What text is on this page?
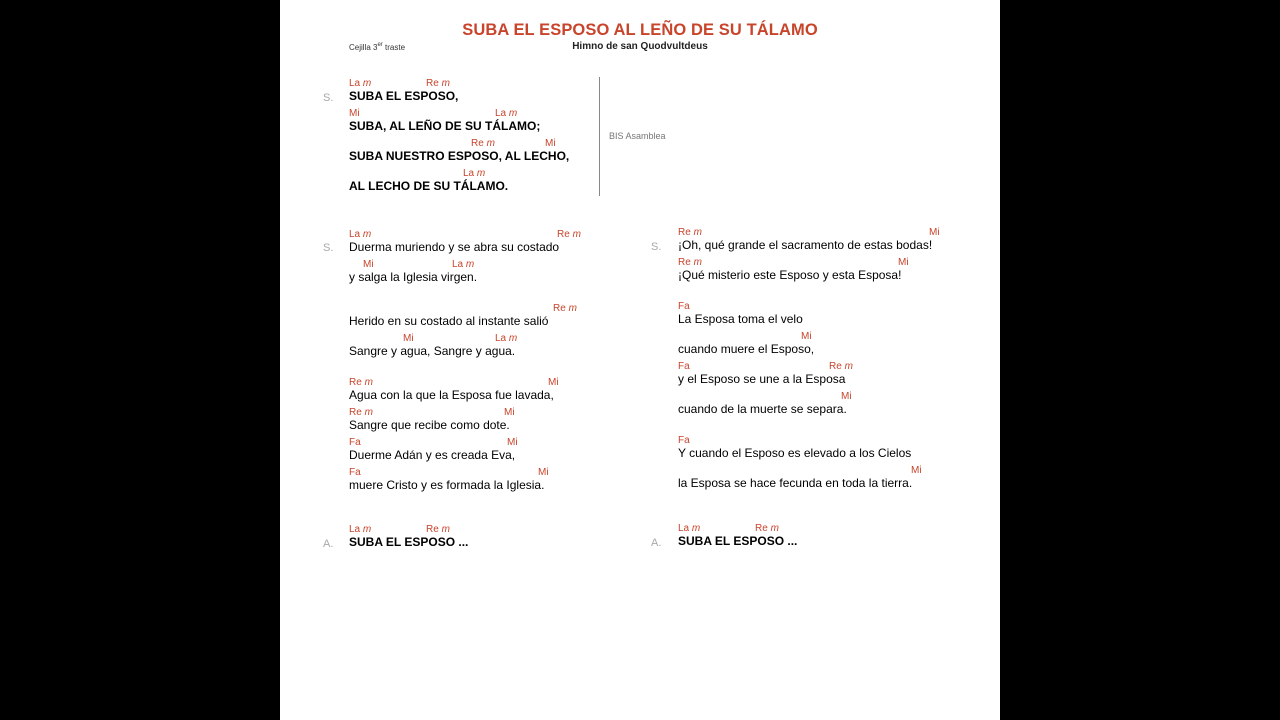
SUBA EL ESPOSO AL LEÑO DE SU TÁLAMO
Himno de san Quodvultdeus
Cejilla 3er traste
S.
La m	Re m
SUBA EL ESPOSO,
Mi	La m
SUBA, AL LEÑO DE SU TÁLAMO;
Re m	Mi
SUBA NUESTRO ESPOSO, AL LECHO,
La m
AL LECHO DE SU TÁLAMO.
BIS Asamblea
S.
La m	Re m
Duerma muriendo y se abra su costado
Mi	La m
y salga la Iglesia virgen.
Re m
Herido en su costado al instante salió
Mi	La m
Sangre y agua, Sangre y agua.
Re m	Mi
Agua con la que la Esposa fue lavada,
Re m	Mi
Sangre que recibe como dote.
Fa	Mi
Duerme Adán y es creada Eva,
Fa	Mi
muere Cristo y es formada la Iglesia.
S.
Re m	Mi
¡Oh, qué grande el sacramento de estas bodas!
Re m	Mi
¡Qué misterio este Esposo y esta Esposa!
Fa
La Esposa toma el velo
Mi
cuando muere el Esposo,
Fa	Re m
y el Esposo se une a la Esposa
Mi
cuando de la muerte se separa.
Fa
Y cuando el Esposo es elevado a los Cielos
Mi
la Esposa se hace fecunda en toda la tierra.
A.
La m	Re m
SUBA EL ESPOSO ...	A.
La m	Re m
SUBA EL ESPOSO ...
